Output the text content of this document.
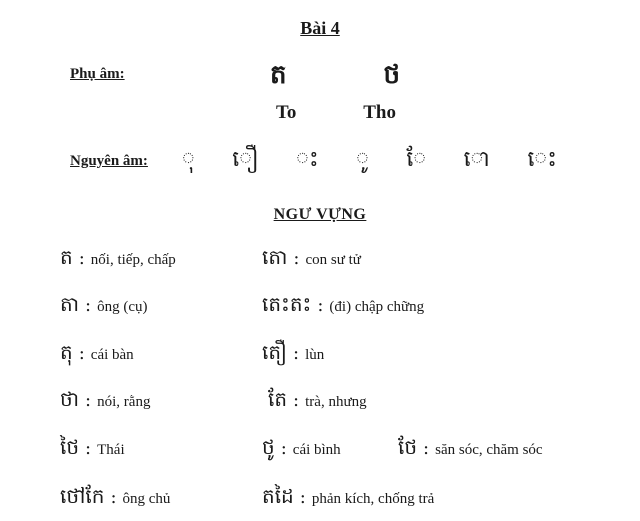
Bài 4
Phụ âm:	ត	ថ
To	Tho
Nguyên âm: ុ ឿ ះ ូ ែ ោ េះ
NGƯ VỰNG
ត : nối, tiếp, chấp	តោ : con sư tử
តា : ông (cụ)	តេះតះ : (đi) chập chững
តុ : cái bàn	តឿ : lùn
ថា : nói, rằng	តែ : trà, nhưng
ថៃ : Thái	ថូ : cái bình	ថែ : săn sóc, chăm sóc
ថៅកែ : ông chủ	តដៃ : phản kích, chống trả
